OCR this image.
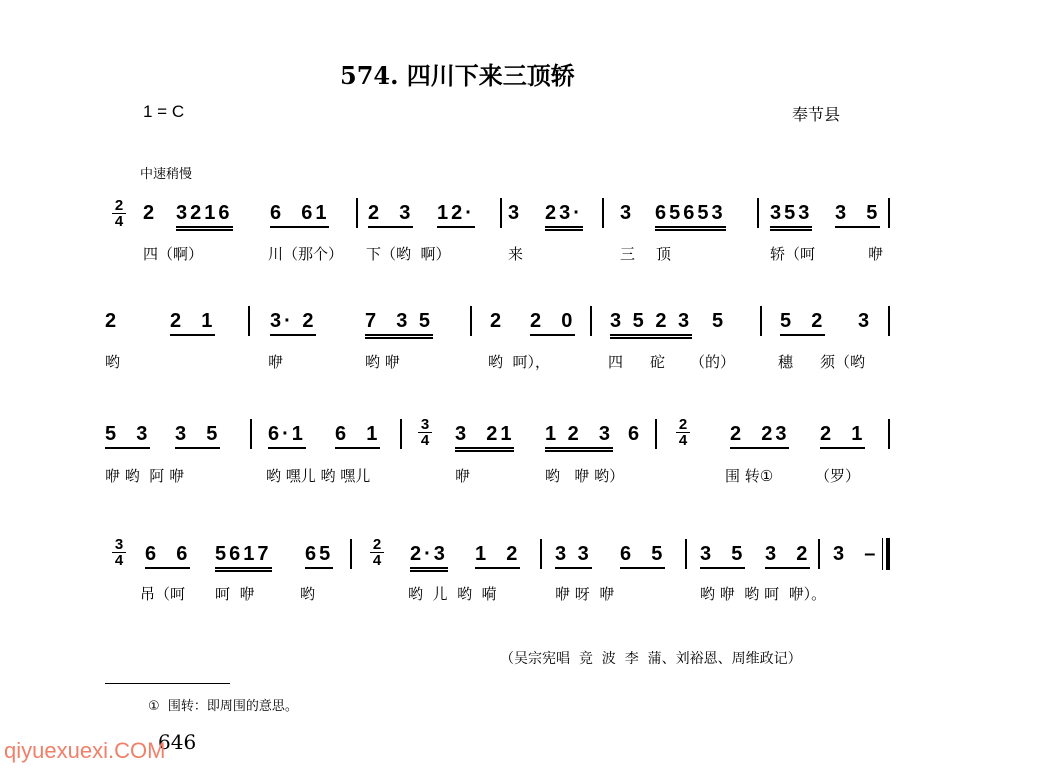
574. 四川下来三顶轿
1 = C	奉节县
中速稍慢
2
4 2 3216 6  61 2  3 12· 3 23· 3 65653 353 3  5
四（啊）	川（那个） 下（哟  啊）	来	三 顶	轿（呵	咿
2	2  1	3· 2 7  3 5	2 2  0 3 5 2 3 5	5  2 3
哟	咿	哟 咿	哟  呵），	四 砣 （的）	穗 须（哟
5  3 3  5 6·1 6  1	3
4 3  21 1 2  3 6 2
4 2  23 2  1
咿 哟  阿 咿	哟 嘿儿 哟 嘿儿	咿	哟   咿 哟）	围 转①	（罗）
3
4 6  6 5617 65	2
4 2·3 1  2 3 3 6  5 3  5 3  2 3  –
吊（呵 呵  咿	哟	哟  儿  哟  嗬	咿 呀  咿	哟 咿  哟 呵  咿）。
（吴宗宪唱  竞  波  李  蒲、刘裕恩、周维政记）
①  围转：即周围的意思。
646
qiyuexuexi.COM
